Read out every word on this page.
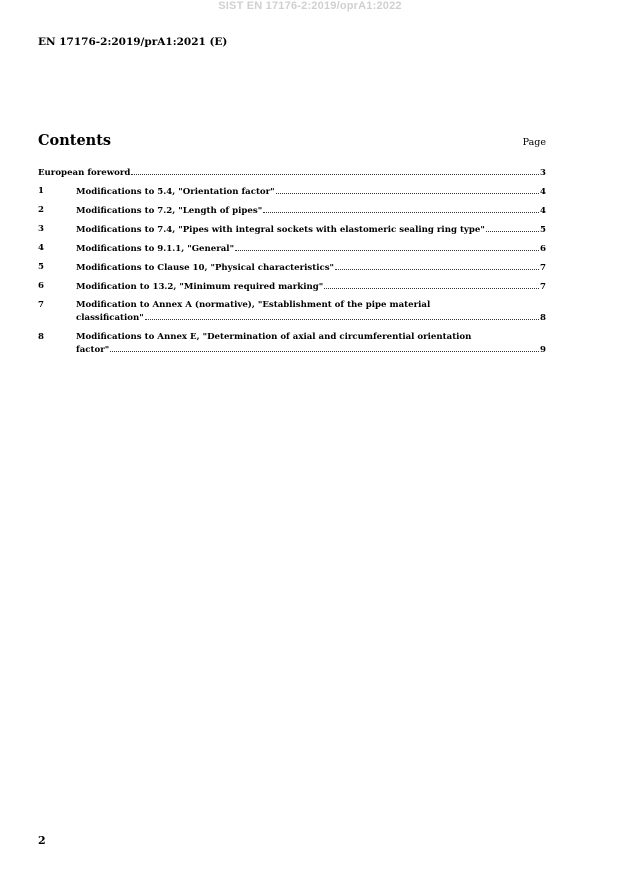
SIST EN 17176-2:2019/oprA1:2022
EN 17176-2:2019/prA1:2021 (E)
Contents	Page
European foreword	3
1	Modifications to 5.4, "Orientation factor"	4
2	Modifications to 7.2, "Length of pipes"	4
3	Modifications to 7.4, "Pipes with integral sockets with elastomeric sealing ring type"	5
4	Modifications to 9.1.1, "General"	6
5	Modifications to Clause 10, "Physical characteristics"	7
6	Modification to 13.2, "Minimum required marking"	7
7	Modification to Annex A (normative), "Establishment of the pipe material
classification"	8
8	Modifications to Annex E, "Determination of axial and circumferential orientation
factor"	9
2
